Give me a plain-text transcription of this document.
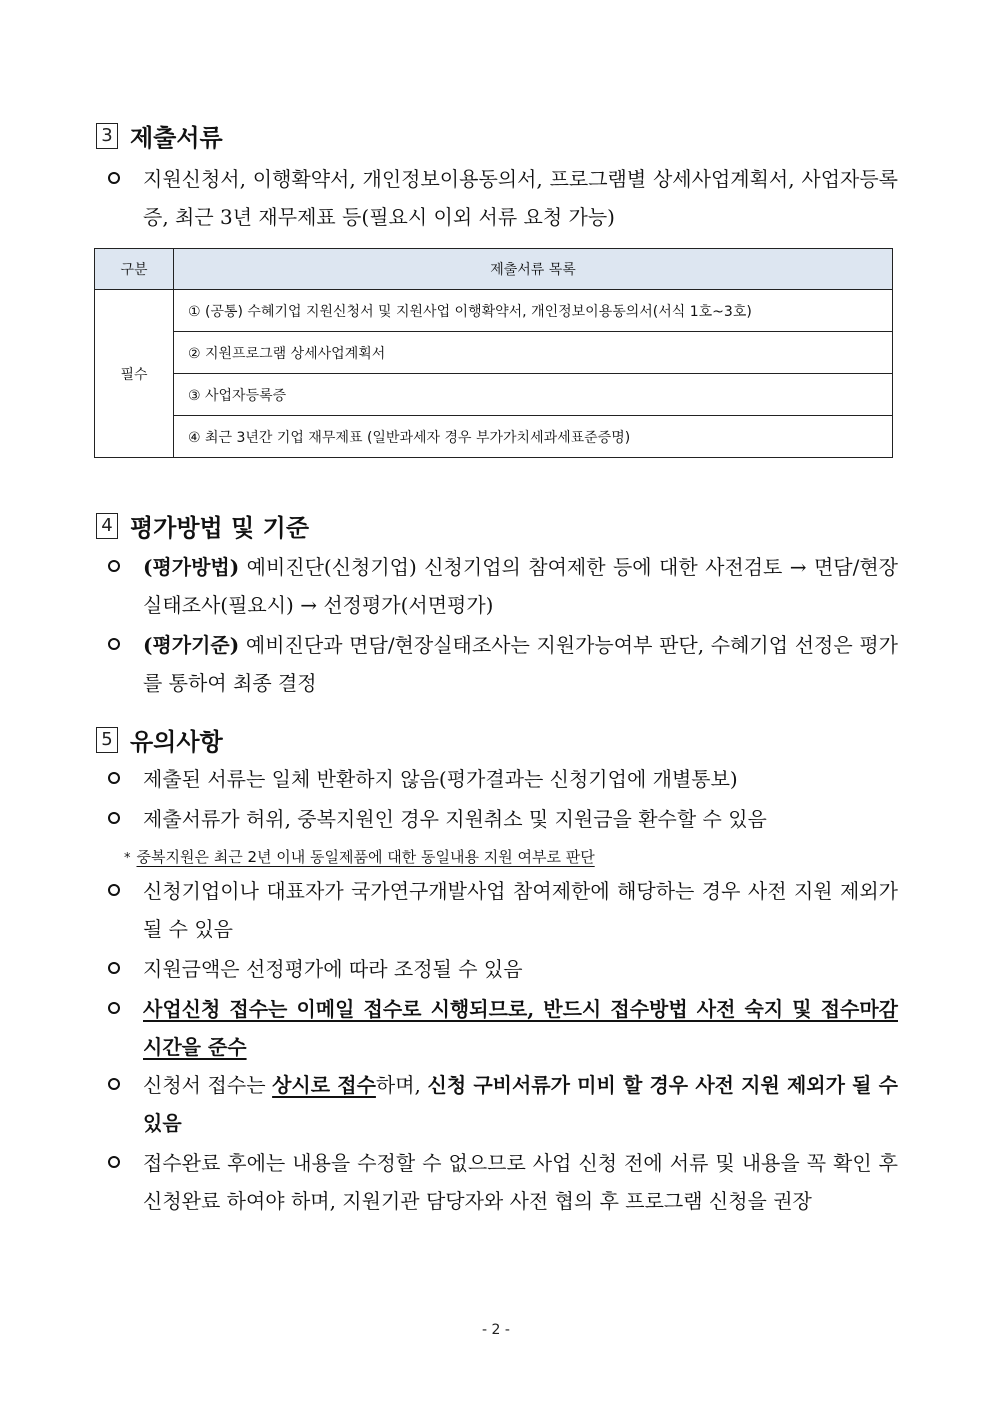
3 제출서류
지원신청서, 이행확약서, 개인정보이용동의서, 프로그램별 상세사업계획서, 사업자등록증, 최근 3년 재무제표 등(필요시 이외 서류 요청 가능)
구분	제출서류 목록
필수	① (공통) 수혜기업 지원신청서 및 지원사업 이행확약서, 개인정보이용동의서(서식 1호~3호)
	② 지원프로그램 상세사업계획서
	③ 사업자등록증
	④ 최근 3년간 기업 재무제표 (일반과세자 경우 부가가치세과세표준증명)
4 평가방법 및 기준
(평가방법) 예비진단(신청기업) 신청기업의 참여제한 등에 대한 사전검토 → 면담/현장실태조사(필요시) → 선정평가(서면평가)
(평가기준) 예비진단과 면담/현장실태조사는 지원가능여부 판단, 수혜기업 선정은 평가를 통하여 최종 결정
5 유의사항
제출된 서류는 일체 반환하지 않음(평가결과는 신청기업에 개별통보)
제출서류가 허위, 중복지원인 경우 지원취소 및 지원금을 환수할 수 있음
* 중복지원은 최근 2년 이내 동일제품에 대한 동일내용 지원 여부로 판단
신청기업이나 대표자가 국가연구개발사업 참여제한에 해당하는 경우 사전 지원 제외가 될 수 있음
지원금액은 선정평가에 따라 조정될 수 있음
사업신청 접수는 이메일 접수로 시행되므로, 반드시 접수방법 사전 숙지 및 접수마감 시간을 준수
신청서 접수는 상시로 접수하며, 신청 구비서류가 미비 할 경우 사전 지원 제외가 될 수 있음
접수완료 후에는 내용을 수정할 수 없으므로 사업 신청 전에 서류 및 내용을 꼭 확인 후 신청완료 하여야 하며, 지원기관 담당자와 사전 협의 후 프로그램 신청을 권장
- 2 -
